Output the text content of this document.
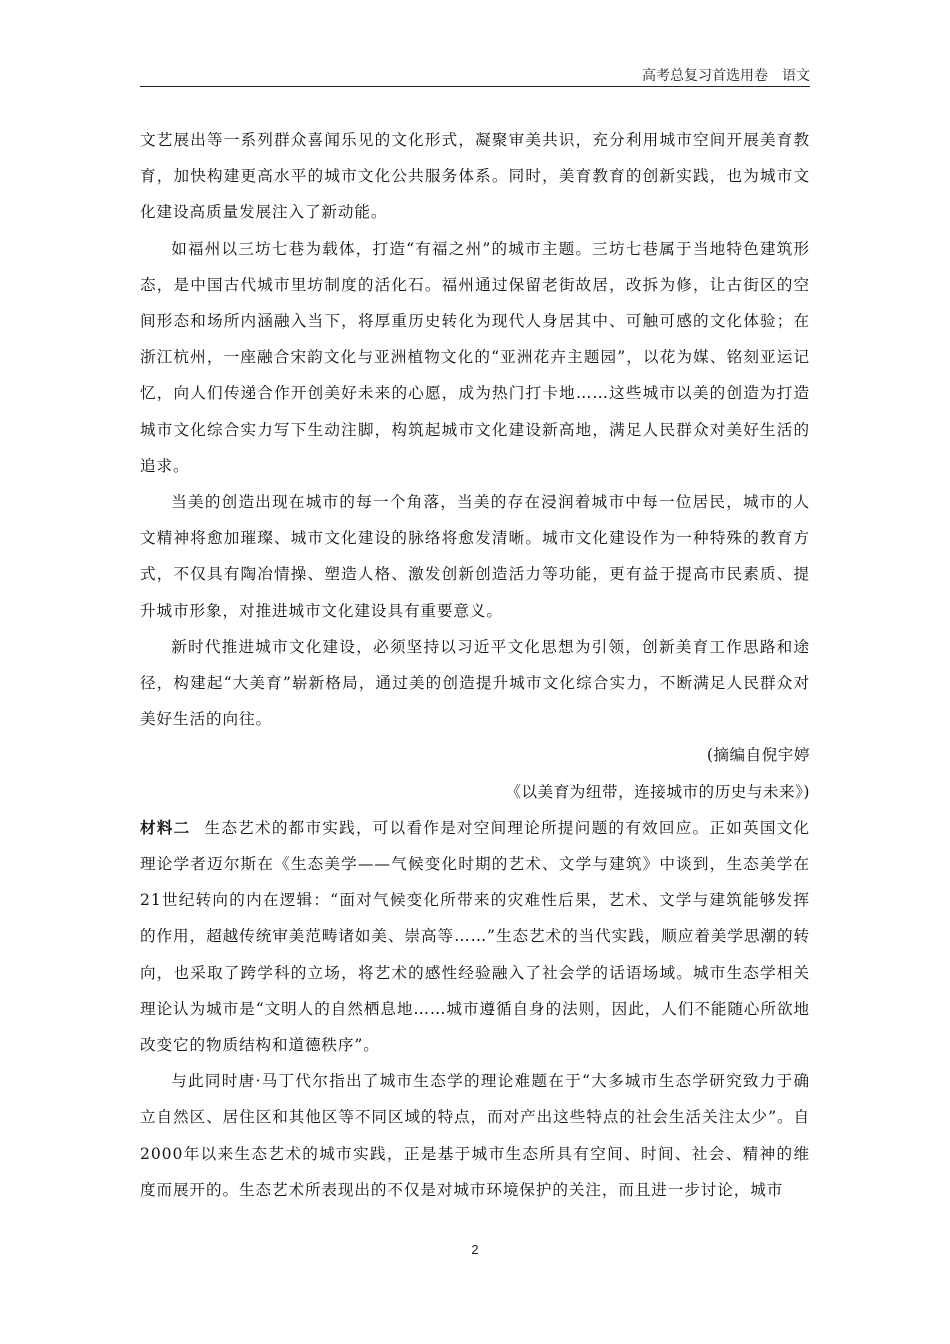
高考总复习首选用卷　语文

文艺展出等一系列群众喜闻乐见的文化形式，凝聚审美共识，充分利用城市空间开展美育教育，加快构建更高水平的城市文化公共服务体系。同时，美育教育的创新实践，也为城市文化建设高质量发展注入了新动能。

如福州以三坊七巷为载体，打造“有福之州”的城市主题。三坊七巷属于当地特色建筑形态，是中国古代城市里坊制度的活化石。福州通过保留老街故居，改拆为修，让古街区的空间形态和场所内涵融入当下，将厚重历史转化为现代人身居其中、可触可感的文化体验；在浙江杭州，一座融合宋韵文化与亚洲植物文化的“亚洲花卉主题园”，以花为媒、铭刻亚运记忆，向人们传递合作开创美好未来的心愿，成为热门打卡地……这些城市以美的创造为打造城市文化综合实力写下生动注脚，构筑起城市文化建设新高地，满足人民群众对美好生活的追求。

当美的创造出现在城市的每一个角落，当美的存在浸润着城市中每一位居民，城市的人文精神将愈加璀璨、城市文化建设的脉络将愈发清晰。城市文化建设作为一种特殊的教育方式，不仅具有陶冶情操、塑造人格、激发创新创造活力等功能，更有益于提高市民素质、提升城市形象，对推进城市文化建设具有重要意义。

新时代推进城市文化建设，必须坚持以习近平文化思想为引领，创新美育工作思路和途径，构建起“大美育”崭新格局，通过美的创造提升城市文化综合实力，不断满足人民群众对美好生活的向往。

(摘编自倪宇婷

《以美育为纽带，连接城市的历史与未来》)

材料二 生态艺术的都市实践，可以看作是对空间理论所提问题的有效回应。正如英国文化理论学者迈尔斯在《生态美学——气候变化时期的艺术、文学与建筑》中谈到，生态美学在21世纪转向的内在逻辑：“面对气候变化所带来的灾难性后果，艺术、文学与建筑能够发挥的作用，超越传统审美范畴诸如美、崇高等……”生态艺术的当代实践，顺应着美学思潮的转向，也采取了跨学科的立场，将艺术的感性经验融入了社会学的话语场域。城市生态学相关理论认为城市是“文明人的自然栖息地……城市遵循自身的法则，因此，人们不能随心所欲地改变它的物质结构和道德秩序”。

与此同时唐·马丁代尔指出了城市生态学的理论难题在于“大多城市生态学研究致力于确立自然区、居住区和其他区等不同区域的特点，而对产出这些特点的社会生活关注太少”。自2000年以来生态艺术的城市实践，正是基于城市生态所具有空间、时间、社会、精神的维度而展开的。生态艺术所表现出的不仅是对城市环境保护的关注，而且进一步讨论，城市

2
